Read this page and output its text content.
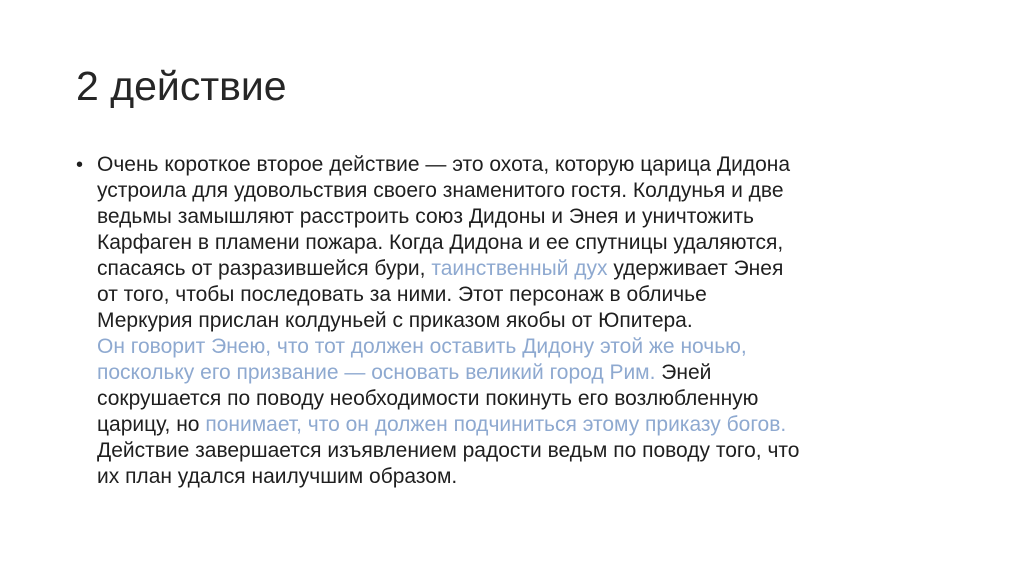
2 действие
• Очень короткое второе действие — это охота, которую царица Дидона
устроила для удовольствия своего знаменитого гостя. Колдунья и две
ведьмы замышляют расстроить союз Дидоны и Энея и уничтожить
Карфаген в пламени пожара. Когда Дидона и ее спутницы удаляются,
спасаясь от разразившейся бури, таинственный дух удерживает Энея
от того, чтобы последовать за ними. Этот персонаж в обличье
Меркурия прислан колдуньей с приказом якобы от Юпитера.
Он говорит Энею, что тот должен оставить Дидону этой же ночью,
поскольку его призвание — основать великий город Рим. Эней
сокрушается по поводу необходимости покинуть его возлюбленную
царицу, но понимает, что он должен подчиниться этому приказу богов.
Действие завершается изъявлением радости ведьм по поводу того, что
их план удался наилучшим образом.
